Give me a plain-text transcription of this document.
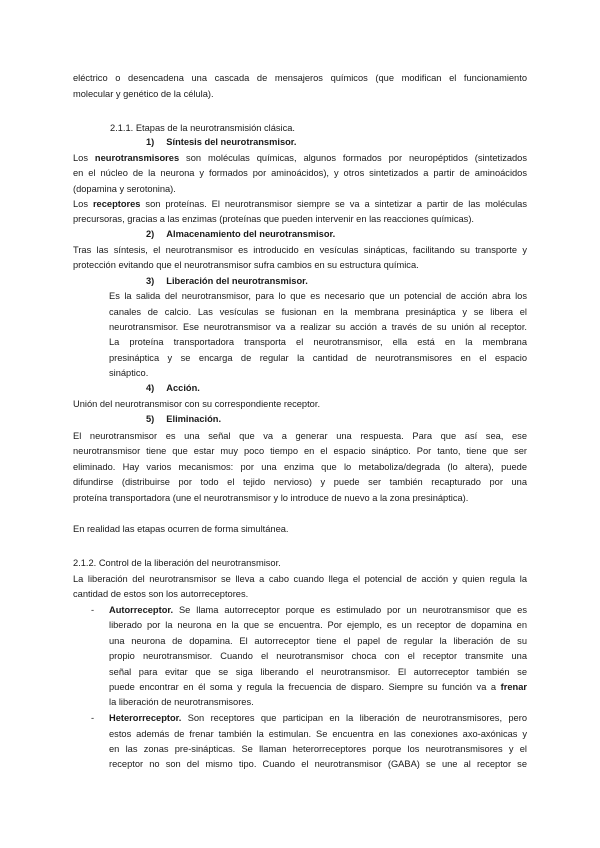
eléctrico o desencadena una cascada de mensajeros químicos (que modifican el funcionamiento
molecular y genético de la célula).
2.1.1. Etapas de la neurotransmisión clásica.
1) Síntesis del neurotransmisor.
Los neurotransmisores son moléculas químicas, algunos formados por neuropéptidos (sintetizados
en el núcleo de la neurona y formados por aminoácidos), y otros sintetizados a partir de aminoácidos
(dopamina y serotonina).
Los receptores son proteínas. El neurotransmisor siempre se va a sintetizar a partir de las moléculas
precursoras, gracias a las enzimas (proteínas que pueden intervenir en las reacciones químicas).
2) Almacenamiento del neurotransmisor.
Tras las síntesis, el neurotransmisor es introducido en vesículas sinápticas, facilitando su transporte y
protección evitando que el neurotransmisor sufra cambios en su estructura química.
3) Liberación del neurotransmisor.
Es la salida del neurotransmisor, para lo que es necesario que un potencial de acción abra los
canales de calcio. Las vesículas se fusionan en la membrana presináptica y se libera el
neurotransmisor. Ese neurotransmisor va a realizar su acción a través de su unión al receptor.
La proteína transportadora transporta el neurotransmisor, ella está en la membrana
presináptica y se encarga de regular la cantidad de neurotransmisores en el espacio
sináptico.
4) Acción.
Unión del neurotransmisor con su correspondiente receptor.
5) Eliminación.
El neurotransmisor es una señal que va a generar una respuesta. Para que así sea, ese
neurotransmisor tiene que estar muy poco tiempo en el espacio sináptico. Por tanto, tiene que ser
eliminado. Hay varios mecanismos: por una enzima que lo metaboliza/degrada (lo altera), puede
difundirse (distribuirse por todo el tejido nervioso) y puede ser también recapturado por una
proteína transportadora (une el neurotransmisor y lo introduce de nuevo a la zona presináptica).
En realidad las etapas ocurren de forma simultánea.
2.1.2. Control de la liberación del neurotransmisor.
La liberación del neurotransmisor se lleva a cabo cuando llega el potencial de acción y quien regula la
cantidad de estos son los autorreceptores.
- Autorreceptor. Se llama autorreceptor porque es estimulado por un neurotransmisor que es
liberado por la neurona en la que se encuentra. Por ejemplo, es un receptor de dopamina en
una neurona de dopamina. El autorreceptor tiene el papel de regular la liberación de su
propio neurotransmisor. Cuando el neurotransmisor choca con el receptor transmite una
señal para evitar que se siga liberando el neurotransmisor. El autorreceptor también se
puede encontrar en él soma y regula la frecuencia de disparo. Siempre su función va a frenar
la liberación de neurotransmisores.
- Heterorreceptor. Son receptores que participan en la liberación de neurotransmisores, pero
estos además de frenar también la estimulan. Se encuentra en las conexiones axo-axónicas y
en las zonas pre-sinápticas. Se llaman heterorreceptores porque los neurotransmisores y el
receptor no son del mismo tipo. Cuando el neurotransmisor (GABA) se une al receptor se
